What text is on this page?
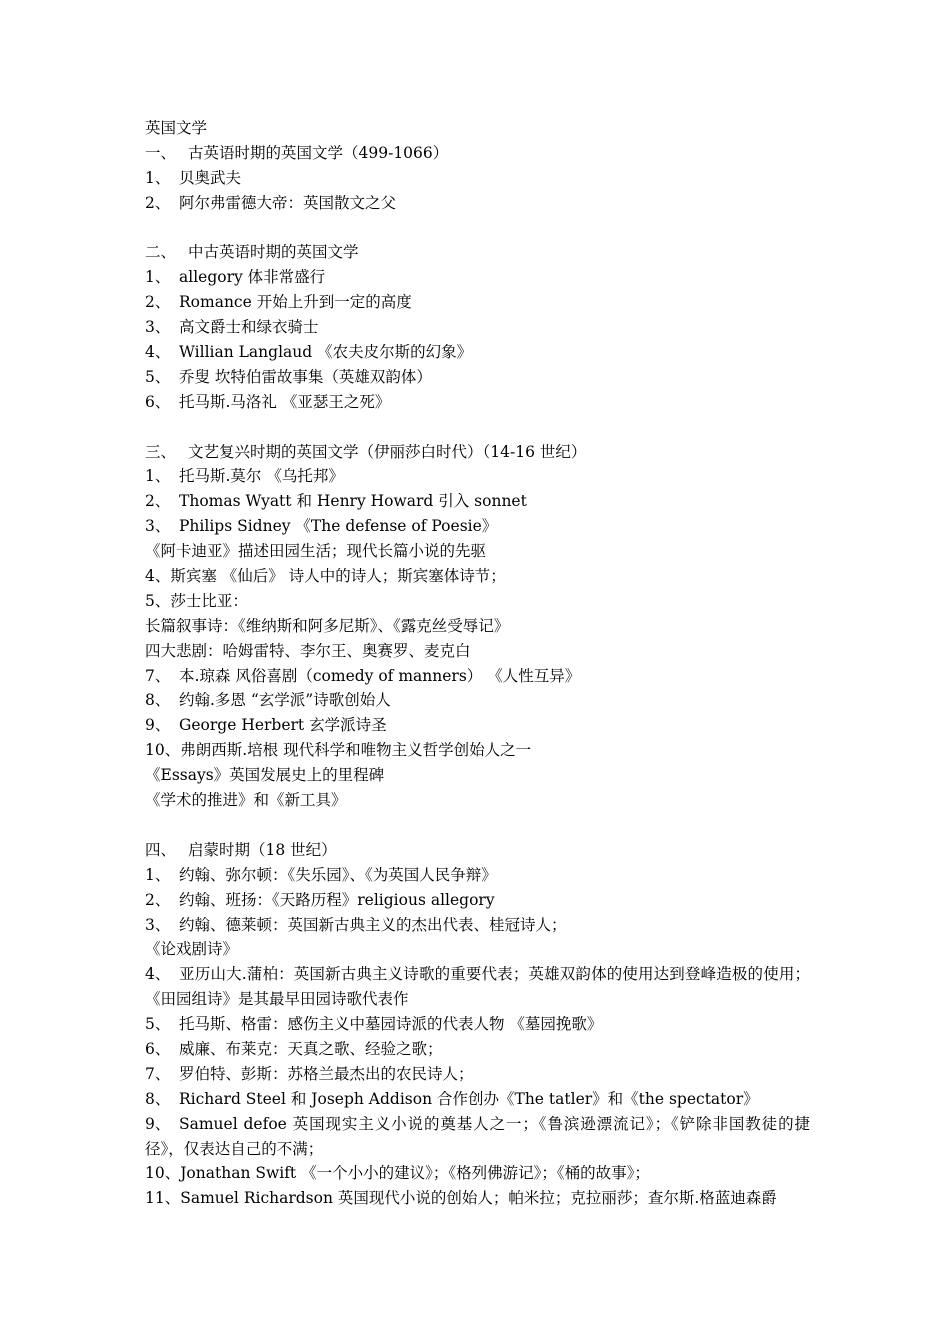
英国文学
一、 古英语时期的英国文学（499-1066）
1、 贝奥武夫
2、 阿尔弗雷德大帝：英国散文之父
二、 中古英语时期的英国文学
1、 allegory 体非常盛行
2、 Romance 开始上升到一定的高度
3、 高文爵士和绿衣骑士
4、 Willian Langlaud 《农夫皮尔斯的幻象》
5、 乔叟 坎特伯雷故事集（英雄双韵体）
6、 托马斯.马洛礼 《亚瑟王之死》
三、 文艺复兴时期的英国文学（伊丽莎白时代）（14-16 世纪）
1、 托马斯.莫尔 《乌托邦》
2、 Thomas Wyatt 和 Henry Howard 引入 sonnet
3、 Philips Sidney 《The defense of Poesie》
《阿卡迪亚》描述田园生活；现代长篇小说的先驱
4、斯宾塞 《仙后》 诗人中的诗人；斯宾塞体诗节；
5、莎士比亚：
长篇叙事诗：《维纳斯和阿多尼斯》、《露克丝受辱记》
四大悲剧：哈姆雷特、李尔王、奥赛罗、麦克白
7、 本.琼森 风俗喜剧（comedy of manners） 《人性互异》
8、 约翰.多恩 “玄学派”诗歌创始人
9、 George Herbert 玄学派诗圣
10、弗朗西斯.培根 现代科学和唯物主义哲学创始人之一
《Essays》英国发展史上的里程碑
《学术的推进》和《新工具》
四、 启蒙时期（18 世纪）
1、 约翰、弥尔顿：《失乐园》、《为英国人民争辩》
2、 约翰、班扬：《天路历程》religious allegory
3、 约翰、德莱顿：英国新古典主义的杰出代表、桂冠诗人；
《论戏剧诗》
4、 亚历山大.蒲柏：英国新古典主义诗歌的重要代表；英雄双韵体的使用达到登峰造极的使用；《田园组诗》是其最早田园诗歌代表作
5、 托马斯、格雷：感伤主义中墓园诗派的代表人物 《墓园挽歌》
6、 威廉、布莱克：天真之歌、经验之歌；
7、 罗伯特、彭斯：苏格兰最杰出的农民诗人；
8、 Richard Steel 和 Joseph Addison 合作创办《The tatler》和《the spectator》
9、 Samuel defoe 英国现实主义小说的奠基人之一；《鲁滨逊漂流记》；《铲除非国教徒的捷径》，仅表达自己的不满；
10、Jonathan Swift 《一个小小的建议》；《格列佛游记》；《桶的故事》；
11、Samuel Richardson 英国现代小说的创始人；帕米拉；克拉丽莎；查尔斯.格蓝迪森爵
